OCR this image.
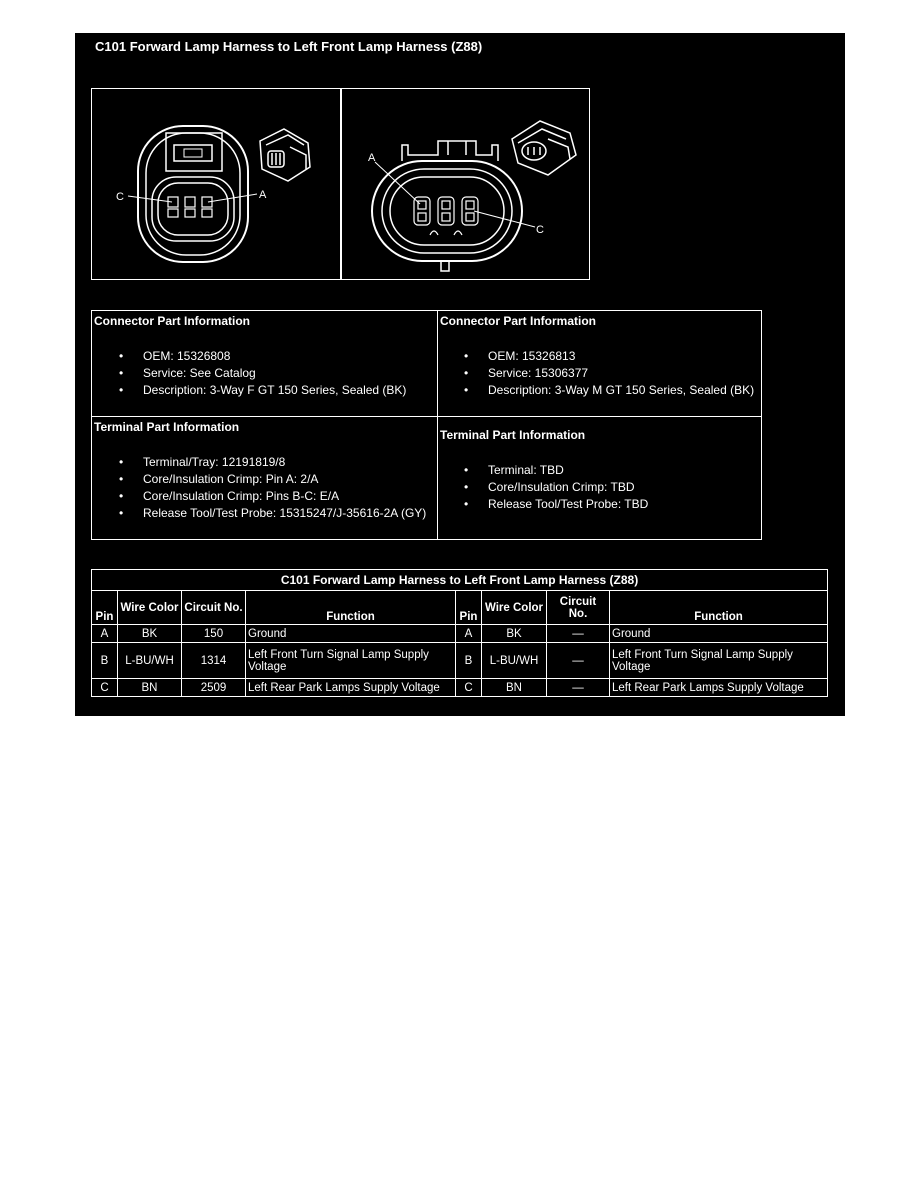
C101 Forward Lamp Harness to Left Front Lamp Harness (Z88)
C	A
A
C
Connector Part Information
• OEM: 15326808
• Service: See Catalog
• Description: 3-Way F GT 150 Series, Sealed (BK)
Connector Part Information
• OEM: 15326813
• Service: 15306377
• Description: 3-Way M GT 150 Series, Sealed (BK)
Terminal Part Information
• Terminal/Tray: 12191819/8
• Core/Insulation Crimp: Pin A: 2/A
• Core/Insulation Crimp: Pins B-C: E/A
• Release Tool/Test Probe: 15315247/J-35616-2A (GY)
Terminal Part Information
• Terminal: TBD
• Core/Insulation Crimp: TBD
• Release Tool/Test Probe: TBD
C101 Forward Lamp Harness to Left Front Lamp Harness (Z88)							
Pin	Wire Color	Circuit No.	Function	Pin	Wire Color	Circuit No.	Function
A	BK	150	Ground	A	BK	—	Ground
B	L-BU/WH	1314	Left Front Turn Signal Lamp Supply Voltage	B	L-BU/WH	—	Left Front Turn Signal Lamp Supply Voltage
C	BN	2509	Left Rear Park Lamps Supply Voltage	C	BN	—	Left Rear Park Lamps Supply Voltage
